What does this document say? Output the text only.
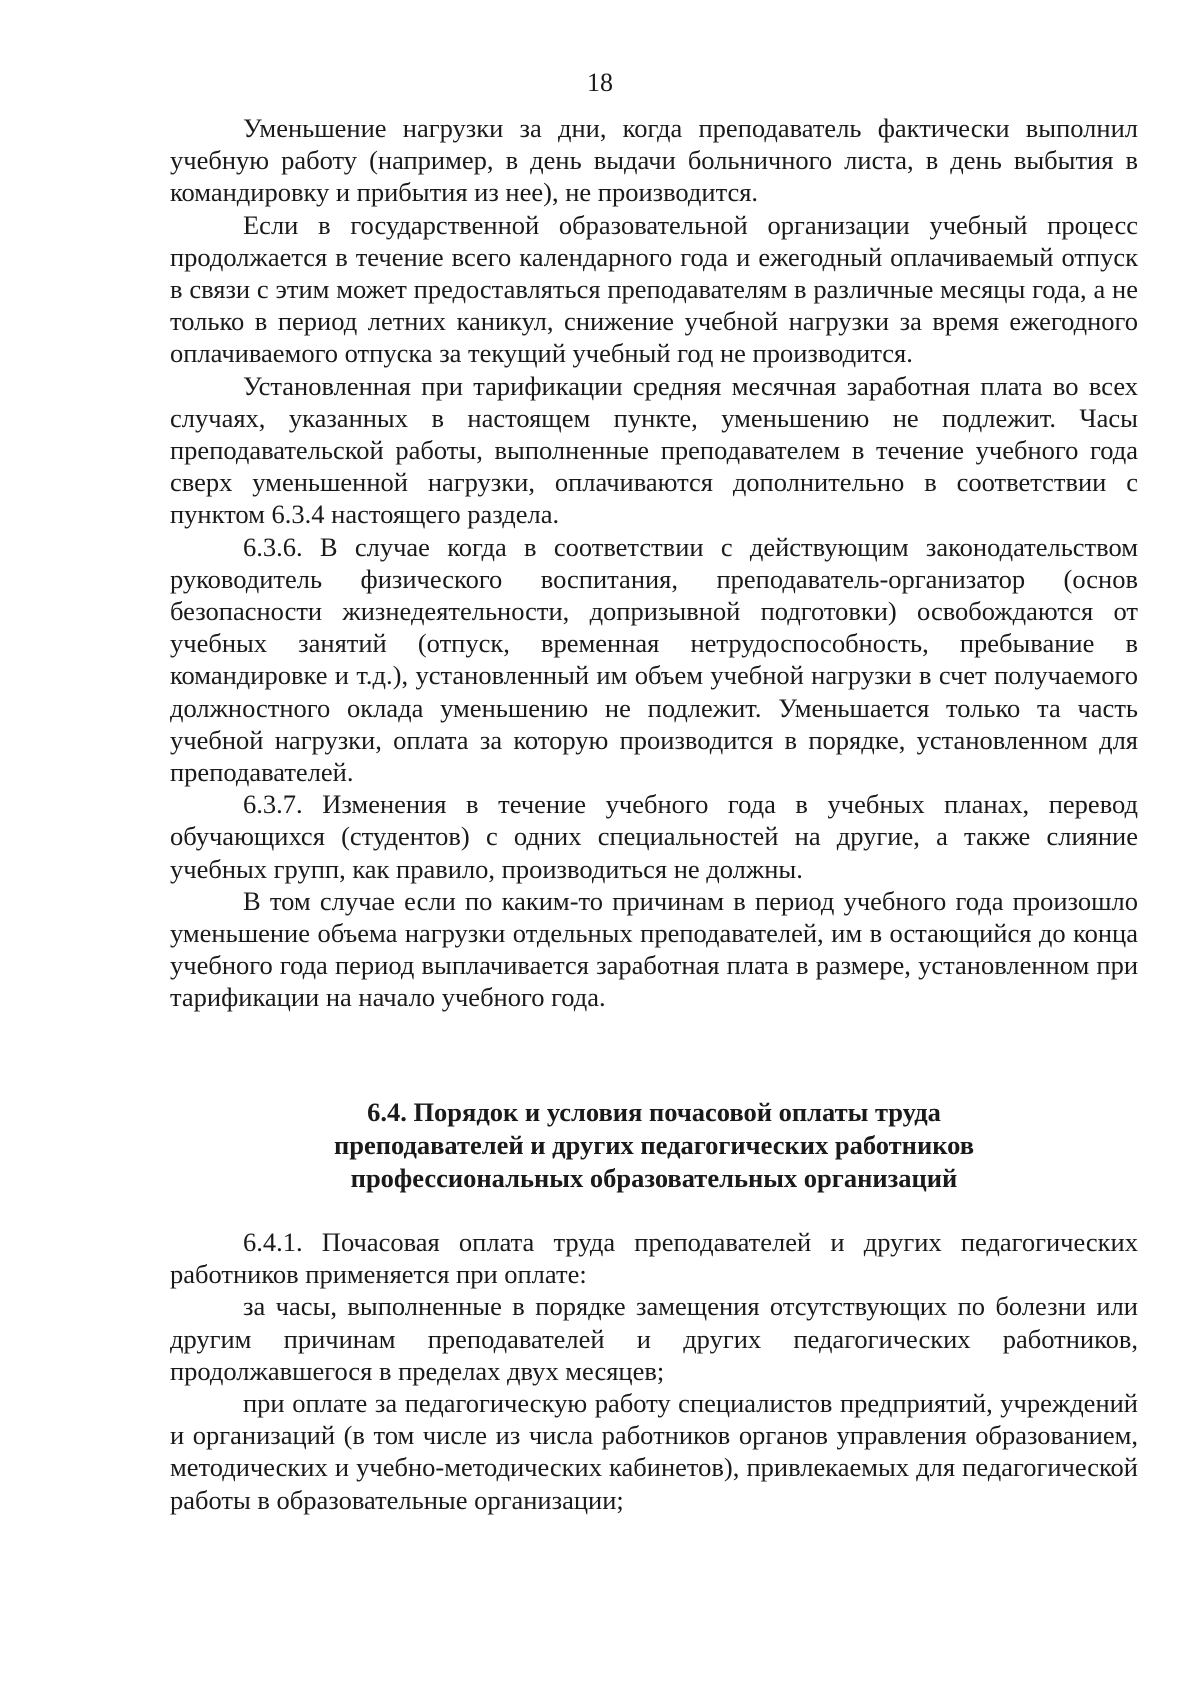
18

Уменьшение нагрузки за дни, когда преподаватель фактически выполнил учебную работу (например, в день выдачи больничного листа, в день выбытия в командировку и прибытия из нее), не производится.

Если в государственной образовательной организации учебный процесс продолжается в течение всего календарного года и ежегодный оплачиваемый отпуск в связи с этим может предоставляться преподавателям в различные месяцы года, а не только в период летних каникул, снижение учебной нагрузки за время ежегодного оплачиваемого отпуска за текущий учебный год не производится.

Установленная при тарификации средняя месячная заработная плата во всех случаях, указанных в настоящем пункте, уменьшению не подлежит. Часы преподавательской работы, выполненные преподавателем в течение учебного года сверх уменьшенной нагрузки, оплачиваются дополнительно в соответствии с пунктом 6.3.4 настоящего раздела.

6.3.6. В случае когда в соответствии с действующим законодательством руководитель физического воспитания, преподаватель-организатор (основ безопасности жизнедеятельности, допризывной подготовки) освобождаются от учебных занятий (отпуск, временная нетрудоспособность, пребывание в командировке и т.д.), установленный им объем учебной нагрузки в счет получаемого должностного оклада уменьшению не подлежит. Уменьшается только та часть учебной нагрузки, оплата за которую производится в порядке, установленном для преподавателей.

6.3.7. Изменения в течение учебного года в учебных планах, перевод обучающихся (студентов) с одних специальностей на другие, а также слияние учебных групп, как правило, производиться не должны.

В том случае если по каким-то причинам в период учебного года произошло уменьшение объема нагрузки отдельных преподавателей, им в остающийся до конца учебного года период выплачивается заработная плата в размере, установленном при тарификации на начало учебного года.

6.4. Порядок и условия почасовой оплаты труда
преподавателей и других педагогических работников
профессиональных образовательных организаций

6.4.1. Почасовая оплата труда преподавателей и других педагогических работников применяется при оплате:

за часы, выполненные в порядке замещения отсутствующих по болезни или другим причинам преподавателей и других педагогических работников, продолжавшегося в пределах двух месяцев;

при оплате за педагогическую работу специалистов предприятий, учреждений и организаций (в том числе из числа работников органов управления образованием, методических и учебно-методических кабинетов), привлекаемых для педагогической работы в образовательные организации;
